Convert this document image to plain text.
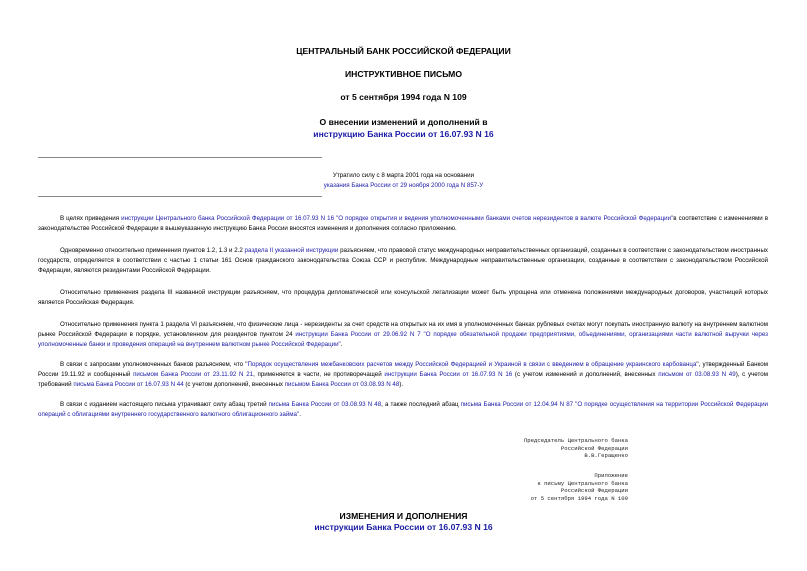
ЦЕНТРАЛЬНЫЙ БАНК РОССИЙСКОЙ ФЕДЕРАЦИИ
ИНСТРУКТИВНОЕ ПИСЬМО
от 5 сентября 1994 года N 109
О внесении изменений и дополнений в
инструкцию Банка России от 16.07.93 N 16
Утратило силу с 8 марта 2001 года на основании
указания Банка России от 29 ноября 2000 года N 857-У

В целях приведения инструкции Центрального банка Российской Федерации от 16.07.93 N 16 "О порядке открытия и ведения уполномоченными банками счетов нерезидентов в валюте Российской Федерации"в соответствие с изменениями в законодательстве Российской Федерации в вышеуказанную инструкцию Банка России вносятся изменения и дополнения согласно приложению.

Одновременно относительно применения пунктов 1.2, 1.3 и 2.2 раздела II указанной инструкции разъясняем, что правовой статус международных неправительственных организаций, созданных в соответствии с законодательством иностранных государств, определяется в соответствии с частью 1 статьи 161 Основ гражданского законодательства Союза ССР и республик. Международные неправительственные организации, созданные в соответствии с законодательством Российской Федерации, являются резидентами Российской Федерации.

Относительно применения раздела III названной инструкции разъясняем, что процедура дипломатической или консульской легализации может быть упрощена или отменена положениями международных договоров, участницей которых является Российская Федерация.

Относительно применения пункта 1 раздела VI разъясняем, что физические лица - нерезиденты за счет средств на открытых на их имя в уполномоченных банках рублевых счетах могут покупать иностранную валюту на внутреннем валютном рынке Российской Федерации в порядке, установленном для резидентов пунктом 24 инструкции Банка России от 29.06.92 N 7 "О порядке обязательной продажи предприятиями, объединениями, организациями части валютной выручки через уполномоченные банки и проведения операций на внутреннем валютном рынке Российской Федерации".

В связи с запросами уполномоченных банков разъясняем, что "Порядок осуществления межбанковских расчетов между Российской Федерацией и Украиной в связи с введением в обращение украинского карбованца", утвержденный Банком России 19.11.92 и сообщенный письмом Банка России от 23.11.92 N 21, применяется в части, не противоречащей инструкции Банка России от 16.07.93 N 16 (с учетом изменений и дополнений, внесенных письмом от 03.08.93 N 49), с учетом требований письма Банка России от 16.07.93 N 44 (с учетом дополнений, внесенных письмом Банка России от 03.08.93 N 48).

В связи с изданием настоящего письма утрачивают силу абзац третий письма Банка России от 03.08.93 N 48, а также последний абзац письма Банка России от 12.04.94 N 87 "О порядке осуществления на территории Российской Федерации операций с облигациями внутреннего государственного валютного облигационного займа".

Председатель Центрального банка
Российской Федерации
В.В.Геращенко
Приложение
к письму Центрального банка
Российской Федерации
от 5 сентября 1994 года N 109
ИЗМЕНЕНИЯ И ДОПОЛНЕНИЯ
инструкции Банка России от 16.07.93 N 16
